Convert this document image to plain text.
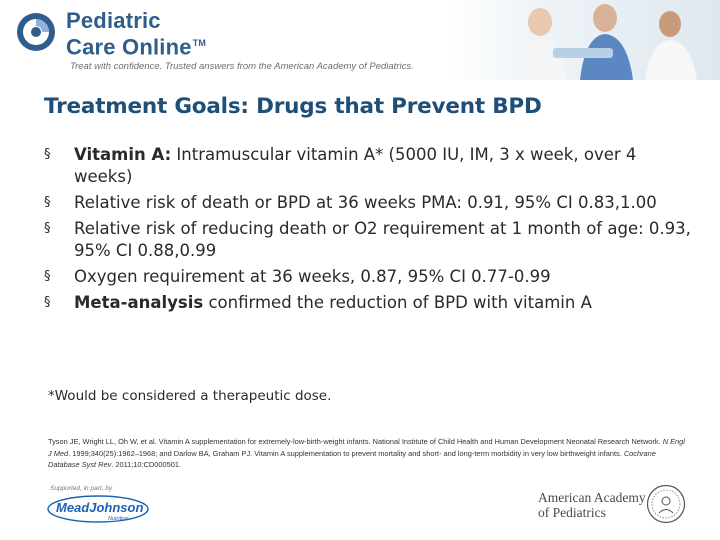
Pediatric
Care Online™
Treat with confidence. Trusted answers from the American Academy of Pediatrics.
Treatment Goals: Drugs that Prevent BPD
§	Vitamin A: Intramuscular vitamin A* (5000 IU, IM, 3 x week, over 4 weeks)
§	Relative risk of death or BPD at 36 weeks PMA: 0.91, 95% CI 0.83,1.00
§	Relative risk of reducing death or O2 requirement at 1 month of age: 0.93, 95% CI 0.88,0.99
§	Oxygen requirement at 36 weeks, 0.87, 95% CI 0.77-0.99
§	Meta-analysis confirmed the reduction of BPD with vitamin A
*Would be considered a therapeutic dose.
Tyson JE, Wright LL, Oh W, et al. Vitamin A supplementation for extremely-low-birth-weight infants. National Institute of Child Health and Human Development Neonatal Research Network. N Engl J Med. 1999;340(25):1962–1968; and Darlow BA, Graham PJ. Vitamin A supplementation to prevent mortality and short- and long-term morbidity in very low birthweight infants. Cochrane Database Syst Rev. 2011;10:CD000501.
Supported, in part, by
MeadJohnson
Nutrition
American Academy
of Pediatrics
